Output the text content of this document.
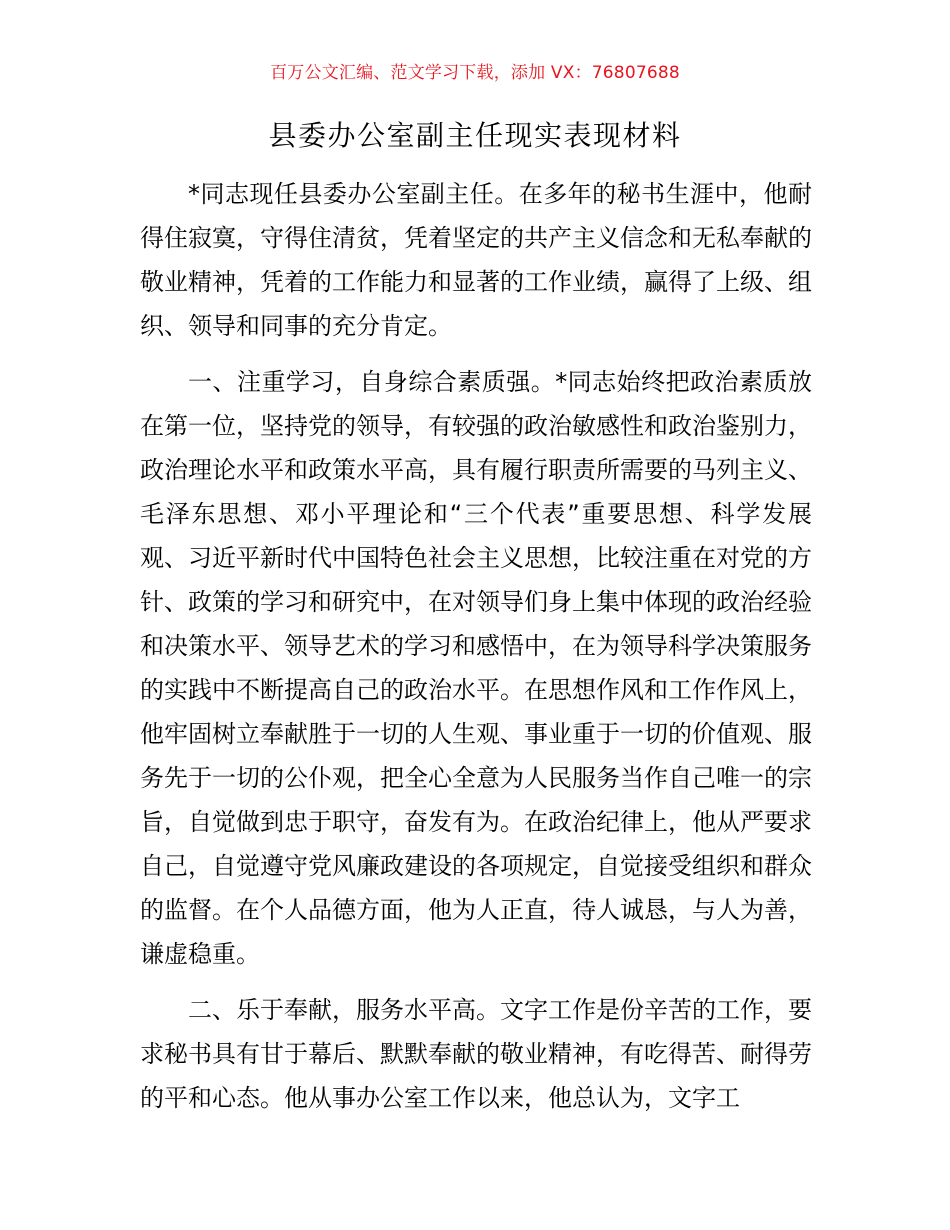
百万公文汇编、范文学习下载，添加 VX：76807688
县委办公室副主任现实表现材料

*同志现任县委办公室副主任。在多年的秘书生涯中，他耐得住寂寞，守得住清贫，凭着坚定的共产主义信念和无私奉献的敬业精神，凭着的工作能力和显著的工作业绩，赢得了上级、组织、领导和同事的充分肯定。

一、注重学习，自身综合素质强。*同志始终把政治素质放在第一位，坚持党的领导，有较强的政治敏感性和政治鉴别力，政治理论水平和政策水平高，具有履行职责所需要的马列主义、毛泽东思想、邓小平理论和“三个代表”重要思想、科学发展观、习近平新时代中国特色社会主义思想，比较注重在对党的方针、政策的学习和研究中，在对领导们身上集中体现的政治经验和决策水平、领导艺术的学习和感悟中，在为领导科学决策服务的实践中不断提高自己的政治水平。在思想作风和工作作风上，他牢固树立奉献胜于一切的人生观、事业重于一切的价值观、服务先于一切的公仆观，把全心全意为人民服务当作自己唯一的宗旨，自觉做到忠于职守，奋发有为。在政治纪律上，他从严要求自己，自觉遵守党风廉政建设的各项规定，自觉接受组织和群众的监督。在个人品德方面，他为人正直，待人诚恳，与人为善，谦虚稳重。

二、乐于奉献，服务水平高。文字工作是份辛苦的工作，要求秘书具有甘于幕后、默默奉献的敬业精神，有吃得苦、耐得劳的平和心态。他从事办公室工作以来，他总认为，文字工
